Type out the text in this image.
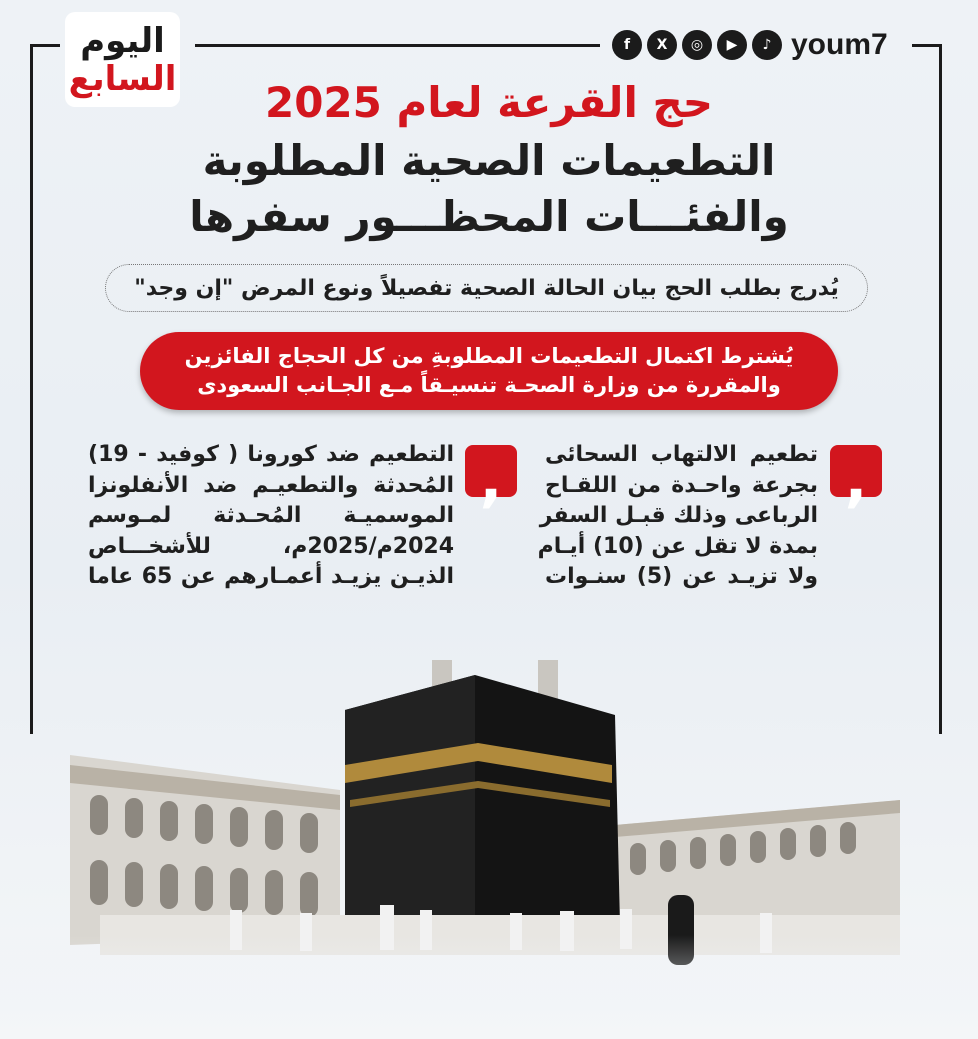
اليوم
السابع
f	X	◎	▶	♪ youm7
حج القرعة لعام 2025
التطعيمات الصحية المطلوبة
والفئـــات المحظـــور سفرها
يُدرج بطلب الحج بيان الحالة الصحية تفصيلاً ونوع المرض "إن وجد"
يُشترط اكتمال التطعيمات المطلوبةِ من كل الحجاج الفائزين
والمقررة من وزارة الصحـة تنسيـقاً مـع الجـانب السعودى
,
تطعيم الالتهاب السحائى
بجرعة واحـدة من اللقـاح
الرباعى وذلك قبـل السفر
بمدة لا تقل عن (10) أيـام
ولا تزيـد عن (5) سنـوات
,
التطعيم ضد كورونا ( كوفيد - 19)
المُحدثة والتطعيـم ضد الأنفلونزا
الموسميـة المُحـدثة لمـوسم
2024م/2025م، للأشخـــاص
الذيـن يزيـد أعمـارهم عن 65 عاما
